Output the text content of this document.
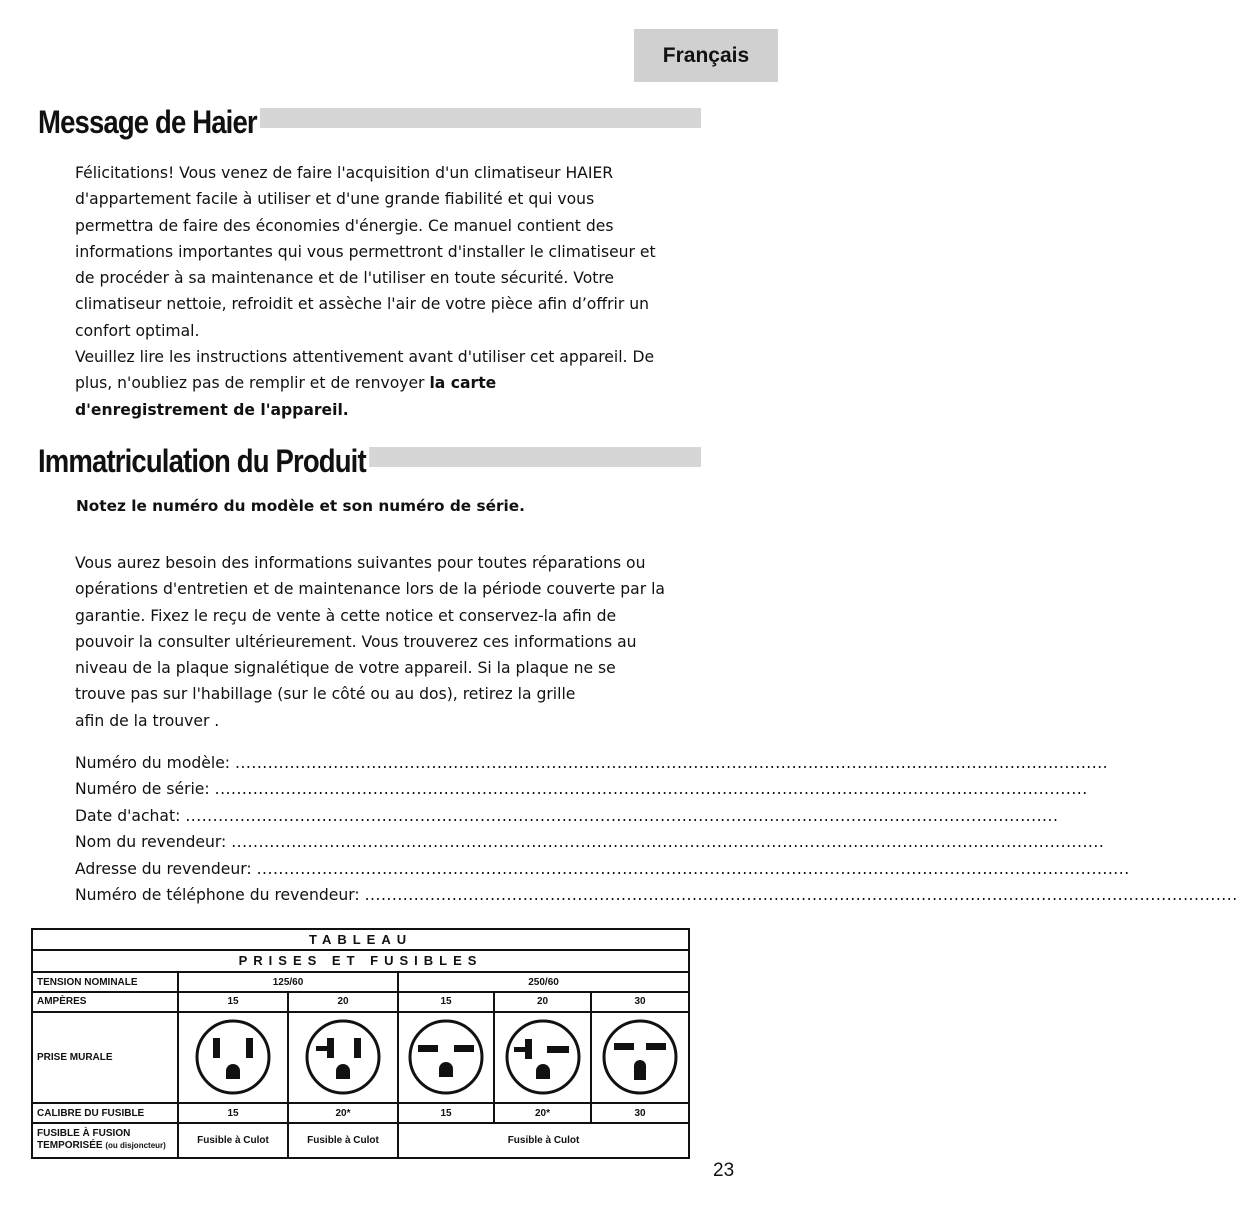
Français
Message de Haier
Félicitations! Vous venez de faire l'acquisition d'un climatiseur HAIER
d'appartement facile à utiliser et d'une grande fiabilité et qui vous
permettra de faire des économies d'énergie. Ce manuel contient des
informations importantes qui vous permettront d'installer le climatiseur et
de procéder à sa maintenance et de l'utiliser en toute sécurité. Votre
climatiseur nettoie, refroidit et assèche l'air de votre pièce afin d’offrir un
confort optimal.
Veuillez lire les instructions attentivement avant d'utiliser cet appareil. De
plus, n'oubliez pas de remplir et de renvoyer la carte
d'enregistrement de l'appareil.
Immatriculation du Produit
Notez le numéro du modèle et son numéro de série.
Vous aurez besoin des informations suivantes pour toutes réparations ou
opérations d'entretien et de maintenance lors de la période couverte par la
garantie. Fixez le reçu de vente à cette notice et conservez-la afin de
pouvoir la consulter ultérieurement. Vous trouverez ces informations au
niveau de la plaque signalétique de votre appareil. Si la plaque ne se
trouve pas sur l'habillage (sur le côté ou au dos), retirez la grille
afin de la trouver .
Numéro du modèle: ................................................................................................................................................................
Numéro de série: ................................................................................................................................................................
Date d'achat: ................................................................................................................................................................
Nom du revendeur: ................................................................................................................................................................
Adresse du revendeur: ................................................................................................................................................................
Numéro de téléphone du revendeur: ................................................................................................................................................................
TABLEAU					
PRISES ET FUSIBLES					
TENSION NOMINALE	125/60		250/60		
AMPÈRES	15	20	15	20	30
PRISE MURALE	

CALIBRE DU FUSIBLE	15	20*	15	20*	30
FUSIBLE À FUSION
TEMPORISÉE (ou disjoncteur)	Fusible à Culot	Fusible à Culot	Fusible à Culot		
23
